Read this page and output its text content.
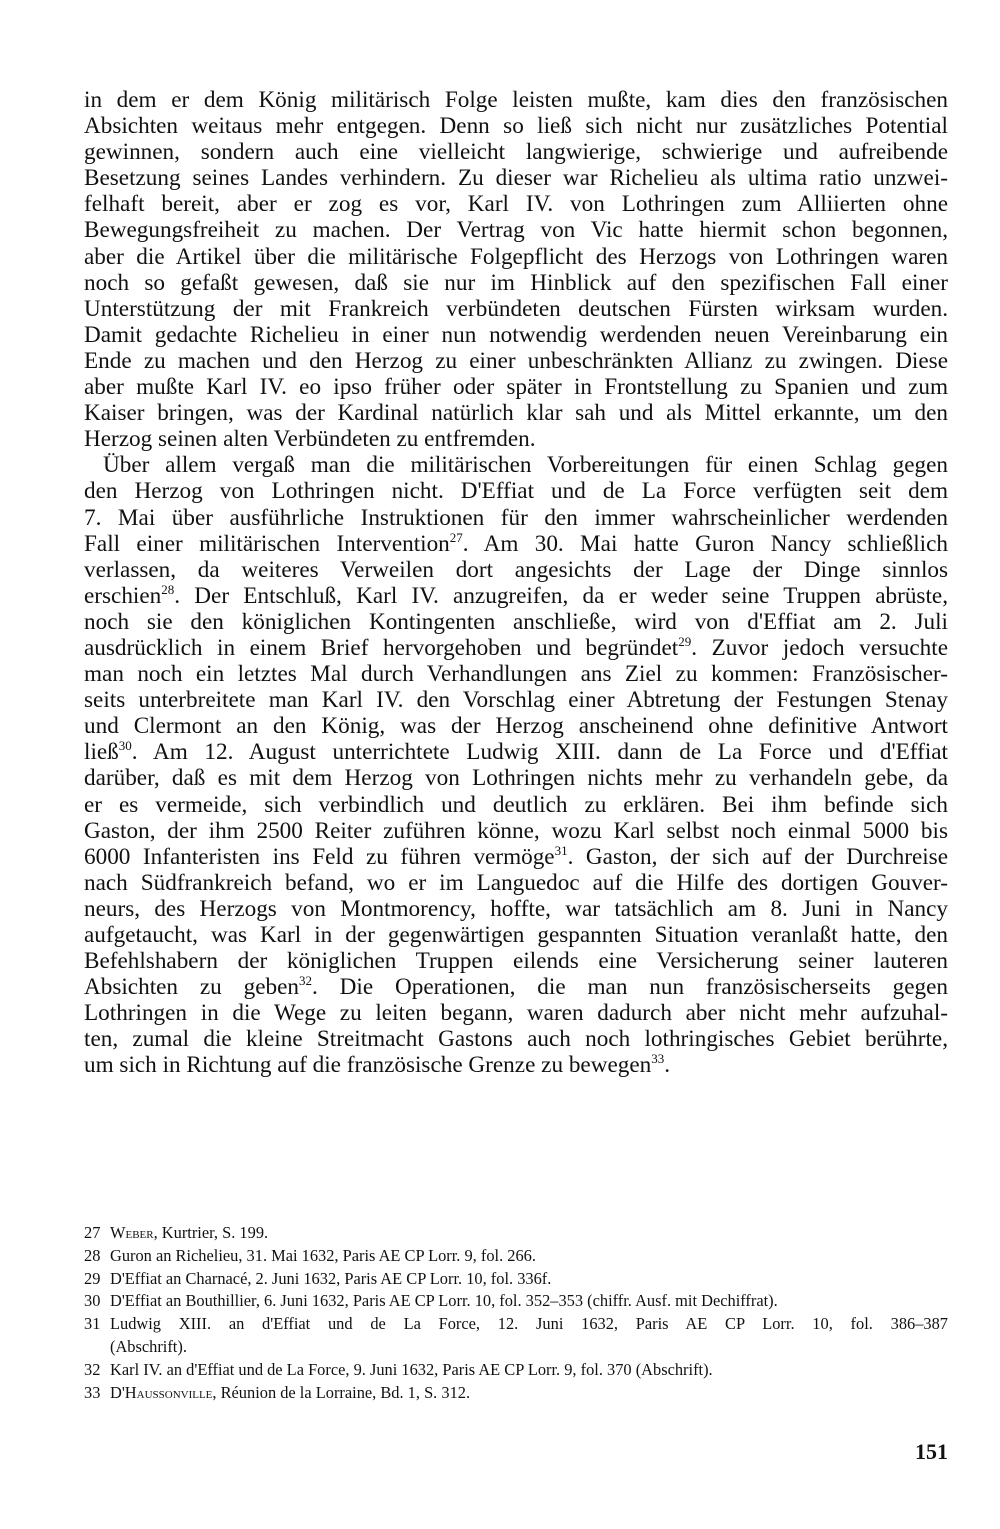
in dem er dem König militärisch Folge leisten mußte, kam dies den französischen
Absichten weitaus mehr entgegen. Denn so ließ sich nicht nur zusätzliches Potential
gewinnen, sondern auch eine vielleicht langwierige, schwierige und aufreibende
Besetzung seines Landes verhindern. Zu dieser war Richelieu als ultima ratio unzwei-
felhaft bereit, aber er zog es vor, Karl IV. von Lothringen zum Alliierten ohne
Bewegungsfreiheit zu machen. Der Vertrag von Vic hatte hiermit schon begonnen,
aber die Artikel über die militärische Folgepflicht des Herzogs von Lothringen waren
noch so gefaßt gewesen, daß sie nur im Hinblick auf den spezifischen Fall einer
Unterstützung der mit Frankreich verbündeten deutschen Fürsten wirksam wurden.
Damit gedachte Richelieu in einer nun notwendig werdenden neuen Vereinbarung ein
Ende zu machen und den Herzog zu einer unbeschränkten Allianz zu zwingen. Diese
aber mußte Karl IV. eo ipso früher oder später in Frontstellung zu Spanien und zum
Kaiser bringen, was der Kardinal natürlich klar sah und als Mittel erkannte, um den
Herzog seinen alten Verbündeten zu entfremden.
Über allem vergaß man die militärischen Vorbereitungen für einen Schlag gegen
den Herzog von Lothringen nicht. D'Effiat und de La Force verfügten seit dem
7. Mai über ausführliche Instruktionen für den immer wahrscheinlicher werdenden
Fall einer militärischen Intervention$^{27}$. Am 30. Mai hatte Guron Nancy schließlich
verlassen, da weiteres Verweilen dort angesichts der Lage der Dinge sinnlos
erschien$^{28}$. Der Entschluß, Karl IV. anzugreifen, da er weder seine Truppen abrüste,
noch sie den königlichen Kontingenten anschließe, wird von d'Effiat am 2. Juli
ausdrücklich in einem Brief hervorgehoben und begründet$^{29}$. Zuvor jedoch versuchte
man noch ein letztes Mal durch Verhandlungen ans Ziel zu kommen: Französischer-
seits unterbreitete man Karl IV. den Vorschlag einer Abtretung der Festungen Stenay
und Clermont an den König, was der Herzog anscheinend ohne definitive Antwort
ließ$^{30}$. Am 12. August unterrichtete Ludwig XIII. dann de La Force und d'Effiat
darüber, daß es mit dem Herzog von Lothringen nichts mehr zu verhandeln gebe, da
er es vermeide, sich verbindlich und deutlich zu erklären. Bei ihm befinde sich
Gaston, der ihm 2500 Reiter zuführen könne, wozu Karl selbst noch einmal 5000 bis
6000 Infanteristen ins Feld zu führen vermöge$^{31}$. Gaston, der sich auf der Durchreise
nach Südfrankreich befand, wo er im Languedoc auf die Hilfe des dortigen Gouver-
neurs, des Herzogs von Montmorency, hoffte, war tatsächlich am 8. Juni in Nancy
aufgetaucht, was Karl in der gegenwärtigen gespannten Situation veranlaßt hatte, den
Befehlshabern der königlichen Truppen eilends eine Versicherung seiner lauteren
Absichten zu geben$^{32}$. Die Operationen, die man nun französischerseits gegen
Lothringen in die Wege zu leiten begann, waren dadurch aber nicht mehr aufzuhal-
ten, zumal die kleine Streitmacht Gastons auch noch lothringisches Gebiet berührte,
um sich in Richtung auf die französische Grenze zu bewegen$^{33}$.
27 Weber, Kurtrier, S. 199.
28 Guron an Richelieu, 31. Mai 1632, Paris AE CP Lorr. 9, fol. 266.
29 D'Effiat an Charnacé, 2. Juni 1632, Paris AE CP Lorr. 10, fol. 336f.
30 D'Effiat an Bouthillier, 6. Juni 1632, Paris AE CP Lorr. 10, fol. 352–353 (chiffr. Ausf. mit Dechiffrat).
31 Ludwig XIII. an d'Effiat und de La Force, 12. Juni 1632, Paris AE CP Lorr. 10, fol. 386–387
(Abschrift).
32 Karl IV. an d'Effiat und de La Force, 9. Juni 1632, Paris AE CP Lorr. 9, fol. 370 (Abschrift).
33 D'Haussonville, Réunion de la Lorraine, Bd. 1, S. 312.
151
